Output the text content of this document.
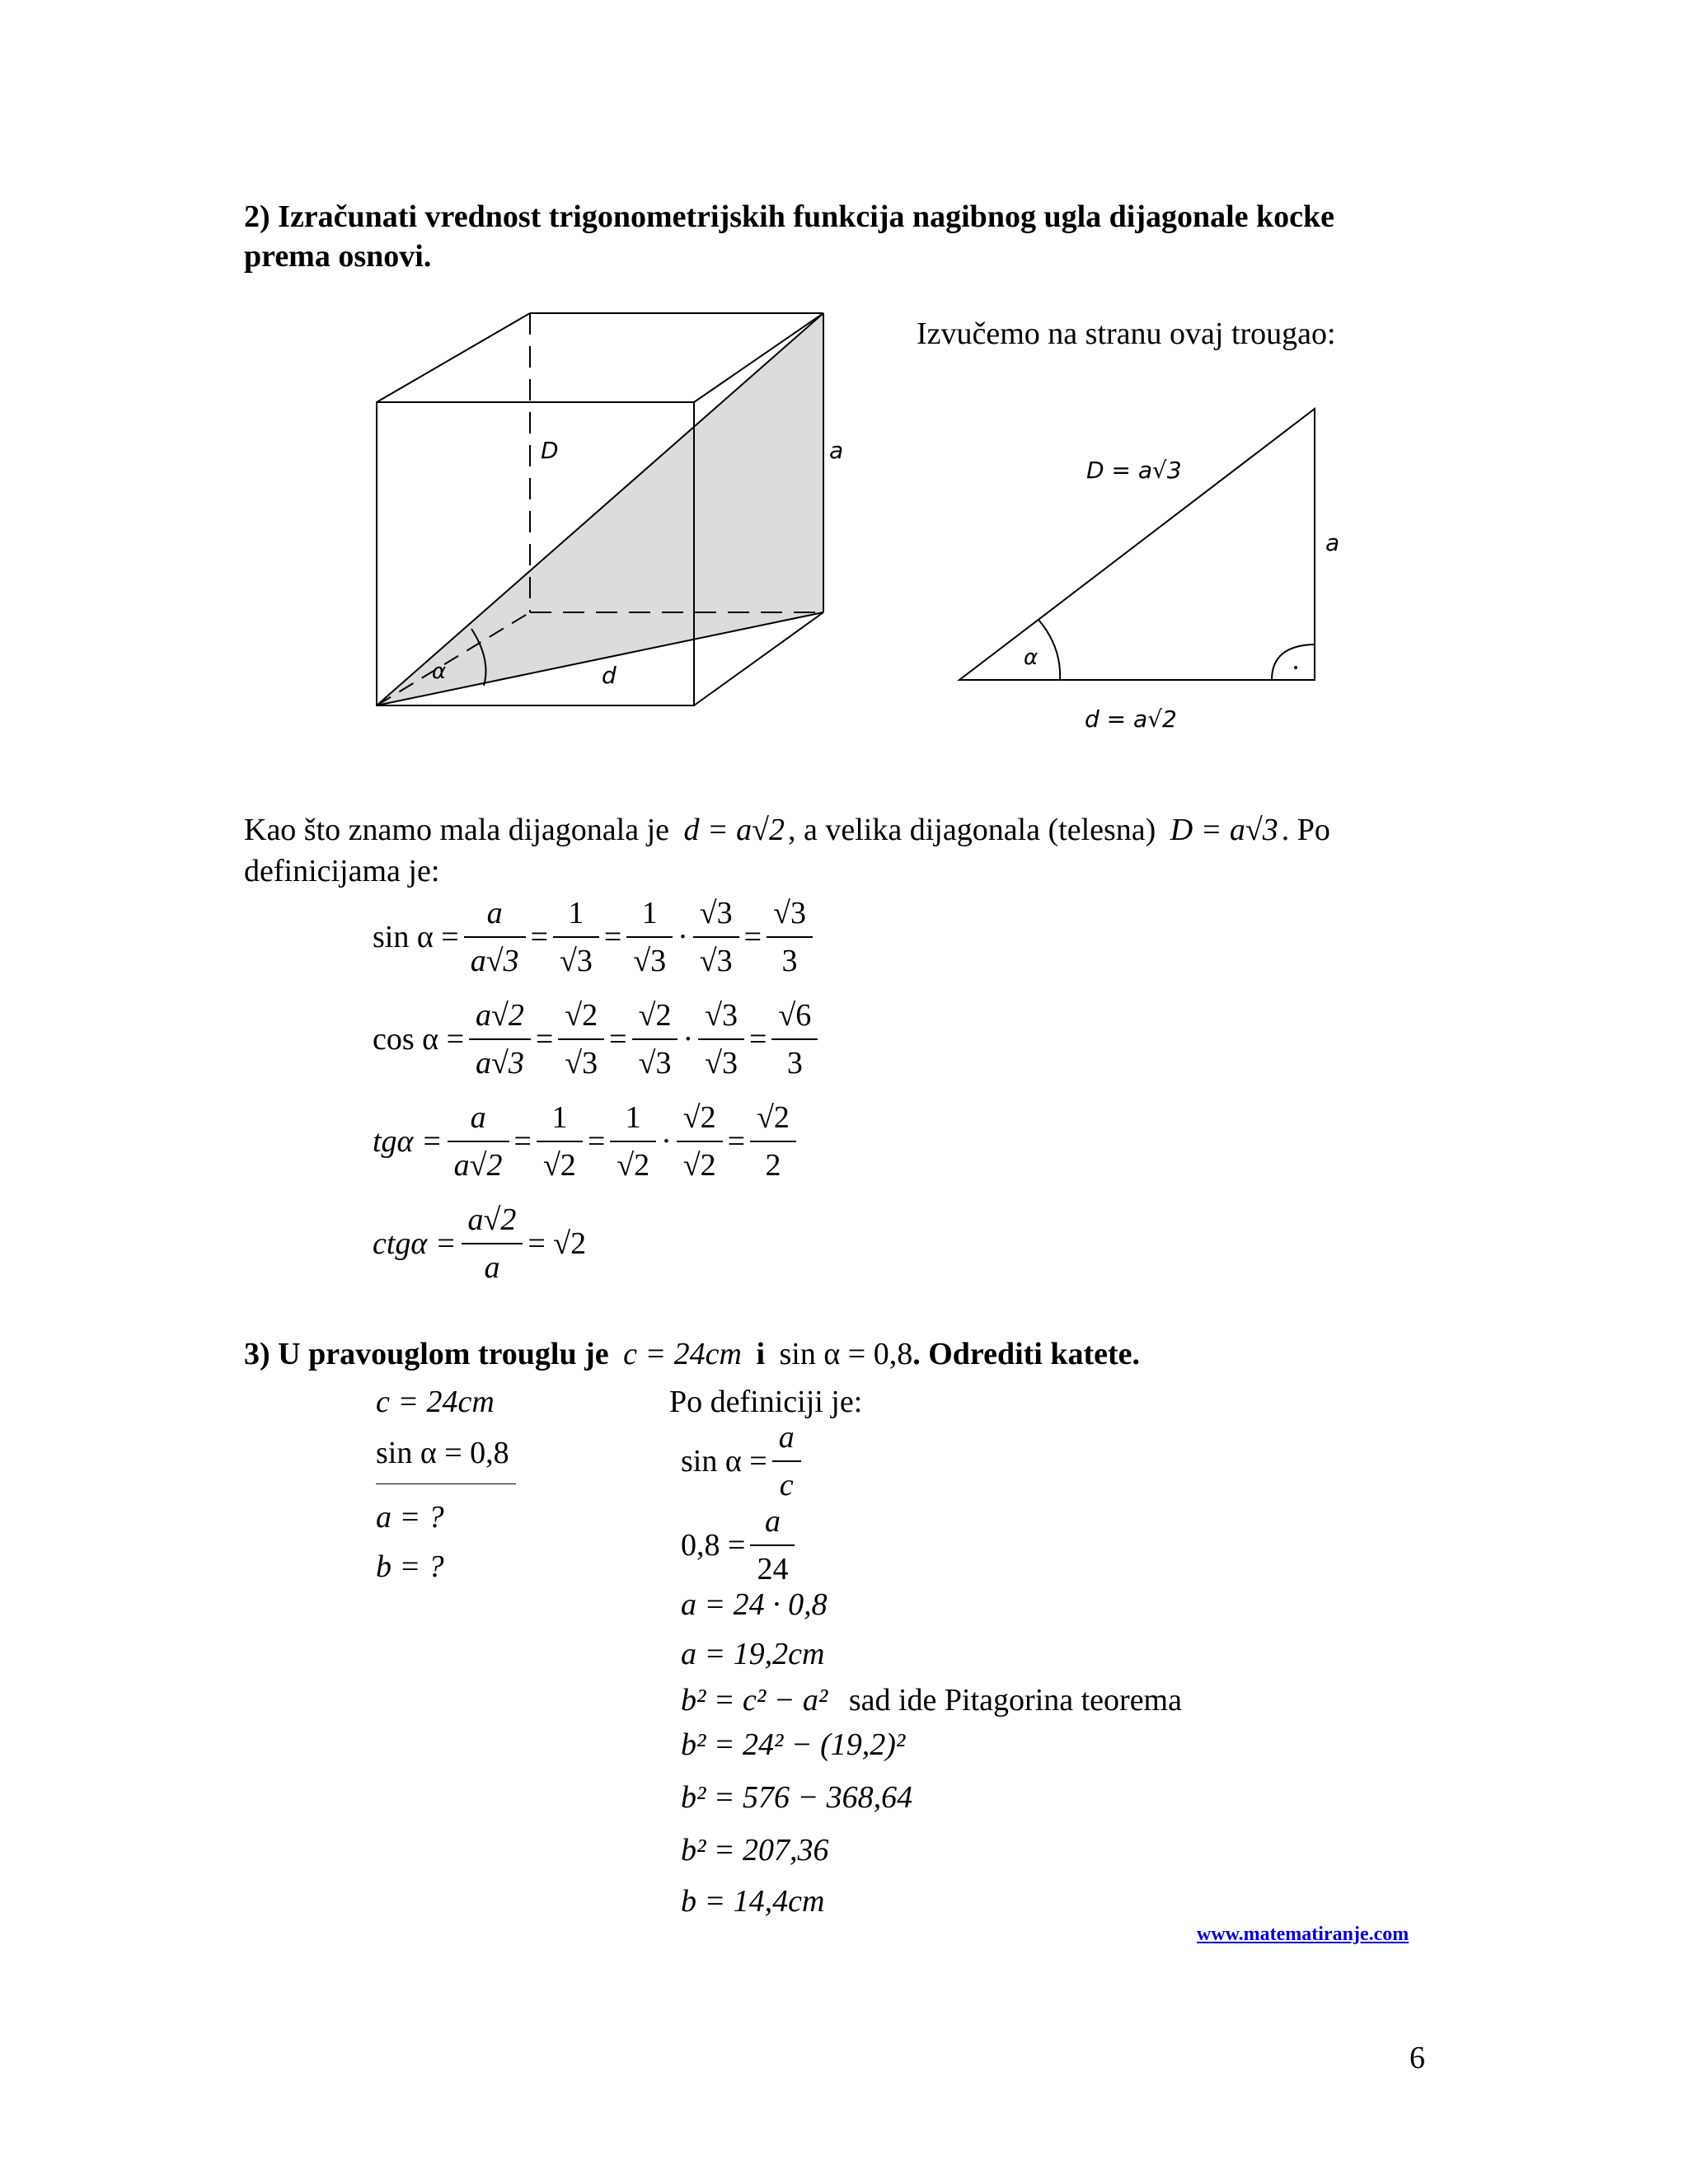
2) Izračunati vrednost trigonometrijskih funkcija nagibnog ugla dijagonale kocke
prema osnovi.
D	a
α	d
Izvučemo na stranu ovaj trougao:
D = a√3
a
α
d = a√2
Kao što znamo mala dijagonala je d = a√2 , a velika dijagonala (telesna) D = a√3 . Po
definicijama je:
$\sin \alpha = \frac{a}{a√3} = \frac{1}{√3} = \frac{1}{√3} \cdot \frac{√3}{√3} = \frac{√3}{3}$
$\cos \alpha = \frac{a√2}{a√3} = \frac{√2}{√3} = \frac{√2}{√3} \cdot \frac{√3}{√3} = \frac{√6}{3}$
$tg\alpha = \frac{a}{a√2} = \frac{1}{√2} = \frac{1}{√2} \cdot \frac{√2}{√2} = \frac{√2}{2}$
$ctg\alpha = \frac{a√2}{a} = √2$
3) U pravouglom trouglu je c = 24cm i sin α = 0,8. Odrediti katete.
c = 24cm
sin α = 0,8
a = ?
b = ?
Po definiciji je:
$\sin \alpha = \frac{a}{c}$
$0,8 = \frac{a}{24}$
a = 24 · 0,8
a = 19,2cm
b² = c² − a² sad ide Pitagorina teorema
b² = 24² − (19,2)²
b² = 576 − 368,64
b² = 207,36
b = 14,4cm
www.matematiranje.com
6
